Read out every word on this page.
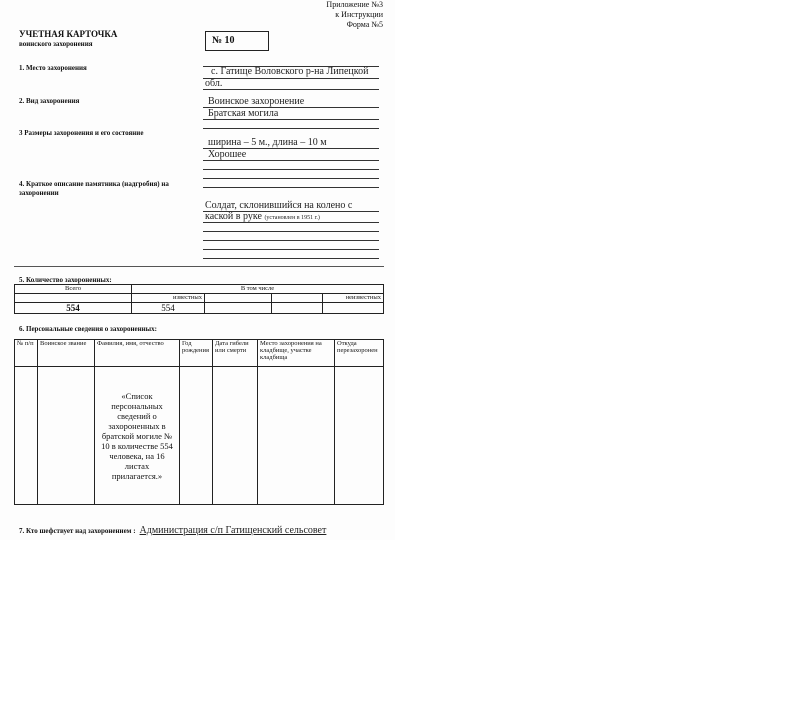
Приложение №3
к Инструкции
Форма №5
УЧЕТНАЯ КАРТОЧКА
воинского захоронения	№ 10
1. Место захоронения	с. Гатище Воловского р-на Липецкой
обл.
2. Вид захоронения	Воинское захоронение
Братская могила
3 Размеры захоронения и его состояние
ширина – 5 м., длина – 10 м
Хорошее
4. Краткое описание памятника (надгробия) на
захоронении
Солдат, склонившийся на колено с
каской в руке (установлен в 1951 г.)
5. Количество захороненных:
Всего	В том числе			
	известных			неизвестных
554	554			
6. Персональные сведения о захороненных:
№ п/п	Воинское звание	Фамилия, имя, отчество	Год рождения	Дата гибели или смерти	Место захоронения на кладбище, участке кладбища	Откуда перезахоронен
		«Список персональных сведений о захороненных в братской могиле № 10 в количестве 554 человека, на 16 листах прилагается.»				
7. Кто шефствует над захоронением : Администрация с/п Гатищенский сельсовет
